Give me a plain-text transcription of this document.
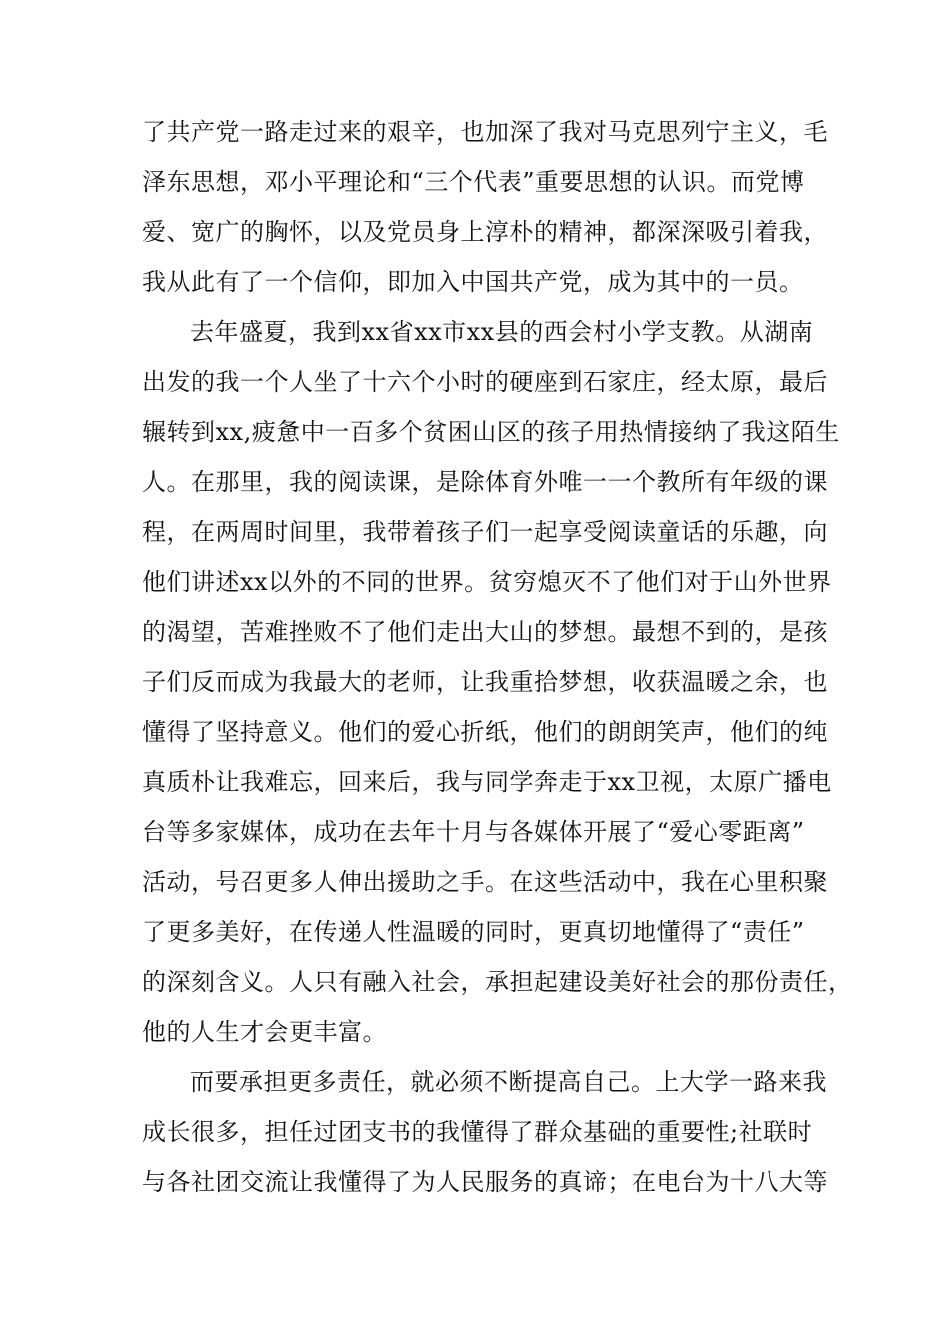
了共产党一路走过来的艰辛，也加深了我对马克思列宁主义，毛
泽东思想，邓小平理论和“三个代表”重要思想的认识。而党博
爱、宽广的胸怀，以及党员身上淳朴的精神，都深深吸引着我，
我从此有了一个信仰，即加入中国共产党，成为其中的一员。
去年盛夏，我到xx省xx市xx县的西会村小学支教。从湖南
出发的我一个人坐了十六个小时的硬座到石家庄，经太原，最后
辗转到xx,疲惫中一百多个贫困山区的孩子用热情接纳了我这陌生
人。在那里，我的阅读课，是除体育外唯一一个教所有年级的课
程，在两周时间里，我带着孩子们一起享受阅读童话的乐趣，向
他们讲述xx以外的不同的世界。贫穷熄灭不了他们对于山外世界
的渴望，苦难挫败不了他们走出大山的梦想。最想不到的，是孩
子们反而成为我最大的老师，让我重拾梦想，收获温暖之余，也
懂得了坚持意义。他们的爱心折纸，他们的朗朗笑声，他们的纯
真质朴让我难忘，回来后，我与同学奔走于xx卫视，太原广播电
台等多家媒体，成功在去年十月与各媒体开展了“爱心零距离”
活动，号召更多人伸出援助之手。在这些活动中，我在心里积聚
了更多美好，在传递人性温暖的同时，更真切地懂得了“责任”
的深刻含义。人只有融入社会，承担起建设美好社会的那份责任，
他的人生才会更丰富。
而要承担更多责任，就必须不断提高自己。上大学一路来我
成长很多，担任过团支书的我懂得了群众基础的重要性;社联时
与各社团交流让我懂得了为人民服务的真谛；在电台为十八大等
